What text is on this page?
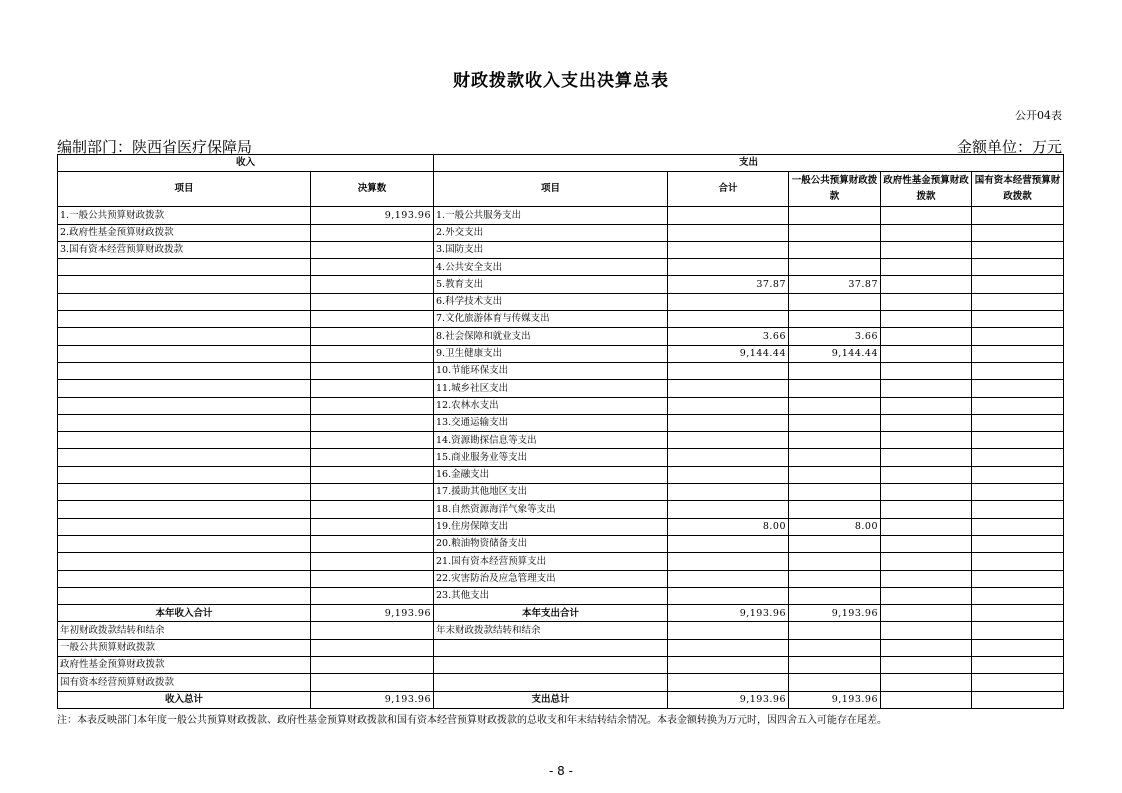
财政拨款收入支出决算总表
公开04表
编制部门：陕西省医疗保障局	金额单位：万元
收入		支出				
项目	决算数	项目	合计	一般公共预算财政拨款	政府性基金预算财政拨款	国有资本经营预算财政拨款
1.一般公共预算财政拨款	9,193.96	1.一般公共服务支出				
2.政府性基金预算财政拨款		2.外交支出				
3.国有资本经营预算财政拨款		3.国防支出				
		4.公共安全支出				
		5.教育支出	37.87	37.87		
		6.科学技术支出				
		7.文化旅游体育与传媒支出				
		8.社会保障和就业支出	3.66	3.66		
		9.卫生健康支出	9,144.44	9,144.44		
		10.节能环保支出				
		11.城乡社区支出				
		12.农林水支出				
		13.交通运输支出				
		14.资源勘探信息等支出				
		15.商业服务业等支出				
		16.金融支出				
		17.援助其他地区支出				
		18.自然资源海洋气象等支出				
		19.住房保障支出	8.00	8.00		
		20.粮油物资储备支出				
		21.国有资本经营预算支出				
		22.灾害防治及应急管理支出				
		23.其他支出				
本年收入合计	9,193.96	本年支出合计	9,193.96	9,193.96		
年初财政拨款结转和结余		年末财政拨款结转和结余				
一般公共预算财政拨款						
政府性基金预算财政拨款						
国有资本经营预算财政拨款						
收入总计	9,193.96	支出总计	9,193.96	9,193.96		
注：本表反映部门本年度一般公共预算财政拨款、政府性基金预算财政拨款和国有资本经营预算财政拨款的总收支和年末结转结余情况。本表金额转换为万元时，因四舍五入可能存在尾差。
- 8 -
